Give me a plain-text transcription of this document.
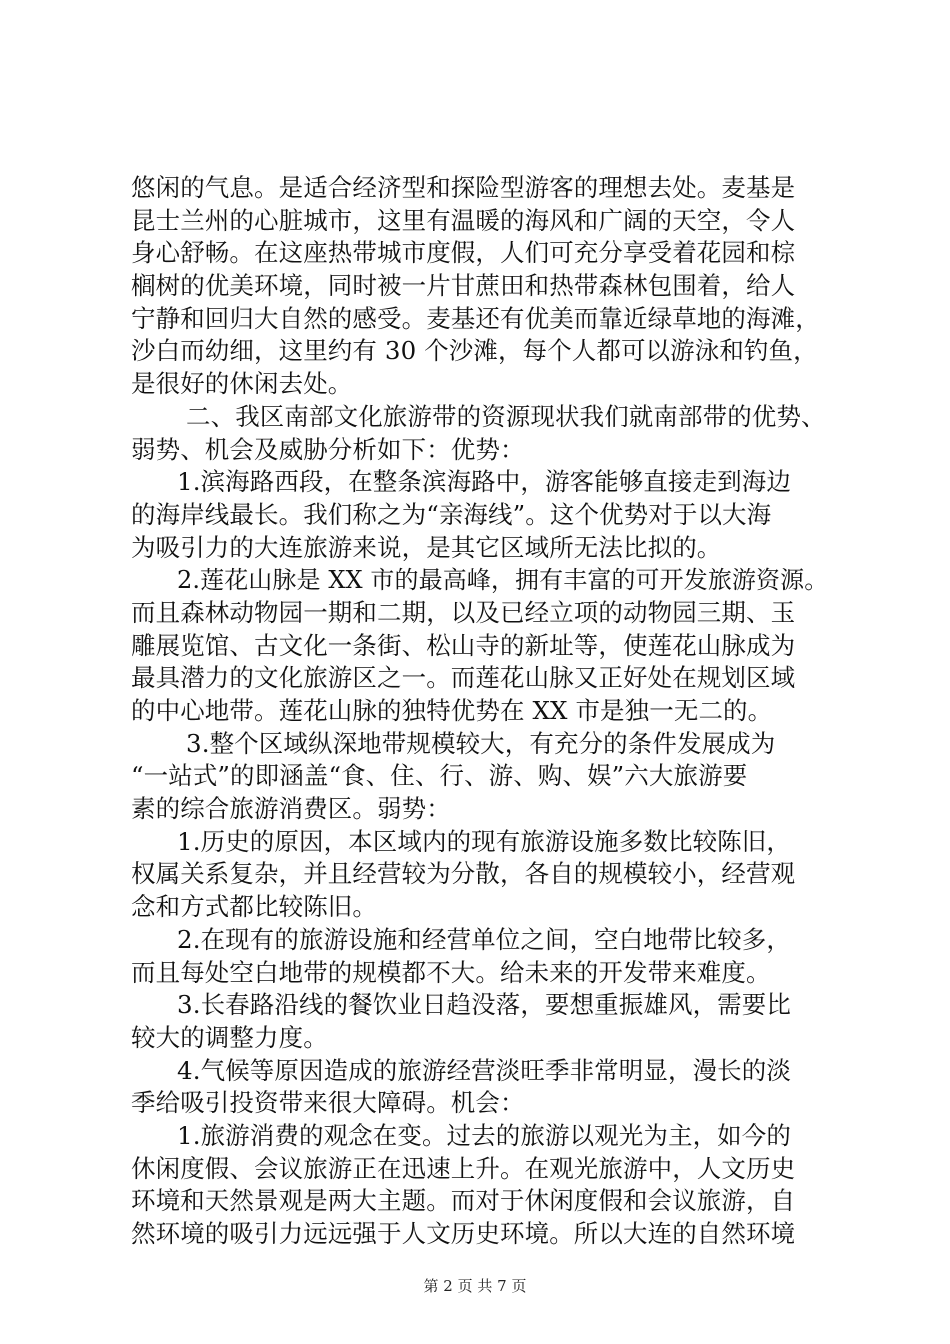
悠闲的气息。是适合经济型和探险型游客的理想去处。麦基是
昆士兰州的心脏城市，这里有温暖的海风和广阔的天空，令人
身心舒畅。在这座热带城市度假，人们可充分享受着花园和棕
榈树的优美环境，同时被一片甘蔗田和热带森林包围着，给人
宁静和回归大自然的感受。麦基还有优美而靠近绿草地的海滩，
沙白而幼细，这里约有 30 个沙滩，每个人都可以游泳和钓鱼，
是很好的休闲去处。
二、我区南部文化旅游带的资源现状我们就南部带的优势、
弱势、机会及威胁分析如下：优势：
1.滨海路西段，在整条滨海路中，游客能够直接走到海边
的海岸线最长。我们称之为“亲海线”。这个优势对于以大海
为吸引力的大连旅游来说，是其它区域所无法比拟的。
2.莲花山脉是 XX 市的最高峰，拥有丰富的可开发旅游资源。
而且森林动物园一期和二期，以及已经立项的动物园三期、玉
雕展览馆、古文化一条街、松山寺的新址等，使莲花山脉成为
最具潜力的文化旅游区之一。而莲花山脉又正好处在规划区域
的中心地带。莲花山脉的独特优势在 XX 市是独一无二的。
3.整个区域纵深地带规模较大，有充分的条件发展成为
“一站式”的即涵盖“食、住、行、游、购、娱”六大旅游要
素的综合旅游消费区。弱势：
1.历史的原因，本区域内的现有旅游设施多数比较陈旧，
权属关系复杂，并且经营较为分散，各自的规模较小，经营观
念和方式都比较陈旧。
2.在现有的旅游设施和经营单位之间，空白地带比较多，
而且每处空白地带的规模都不大。给未来的开发带来难度。
3.长春路沿线的餐饮业日趋没落，要想重振雄风，需要比
较大的调整力度。
4.气候等原因造成的旅游经营淡旺季非常明显，漫长的淡
季给吸引投资带来很大障碍。机会：
1.旅游消费的观念在变。过去的旅游以观光为主，如今的
休闲度假、会议旅游正在迅速上升。在观光旅游中，人文历史
环境和天然景观是两大主题。而对于休闲度假和会议旅游，自
然环境的吸引力远远强于人文历史环境。所以大连的自然环境
第 2 页 共 7 页
